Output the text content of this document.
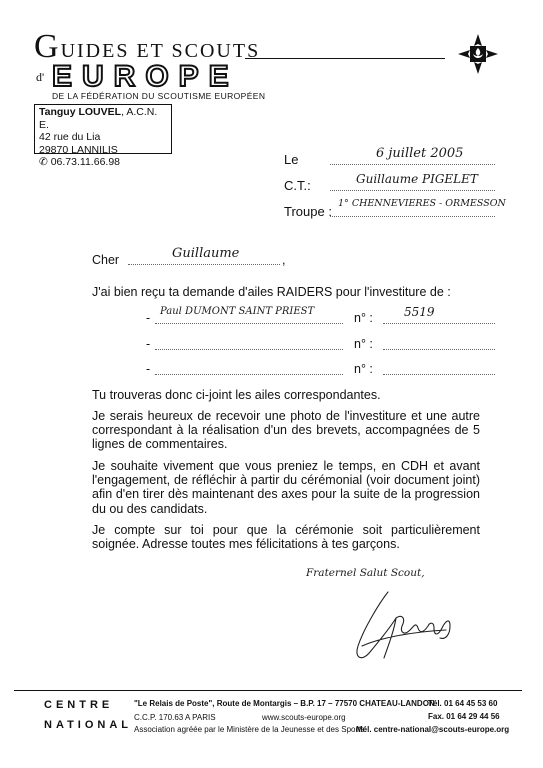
GUIDES ET SCOUTS
d' EUROPE
DE LA FÉDÉRATION DU SCOUTISME EUROPÉEN
Tanguy LOUVEL, A.C.N. E.
42 rue du Lia
29870 LANNILIS
✆ 06.73.11.66.98	Le	6 juillet 2005
C.T.:	Guillaume PIGELET
Troupe :
1° CHENNEVIERES - ORMESSON
Cher	Guillaume	,
J'ai bien reçu ta demande d'ailes RAIDERS pour l'investiture de :
- Paul DUMONT SAINT PRIEST	n° :	5519
-	n° :
-	n° :
Tu trouveras donc ci-joint les ailes correspondantes.
Je serais heureux de recevoir une photo de l'investiture et une autre correspondant à la réalisation d'un des brevets, accompagnées de 5 lignes de commentaires.
Je souhaite vivement que vous preniez le temps, en CDH et avant l'engagement, de réfléchir à partir du cérémonial (voir document joint) afin d'en tirer dès maintenant des axes pour la suite de la progression du ou des candidats.
Je compte sur toi pour que la cérémonie soit particulièrement soignée. Adresse toutes mes félicitations à tes garçons.
Fraternel Salut Scout,
CENTRE
NATIONAL
"Le Relais de Poste", Route de Montargis – B.P. 17 – 77570 CHATEAU-LANDON
C.C.P. 170.63 A PARIS	www.scouts-europe.org
Association agréée par le Ministère de la Jeunesse et des Sports
Tél. 01 64 45 53 60
Fax. 01 64 29 44 56
Mél. centre-national@scouts-europe.org
